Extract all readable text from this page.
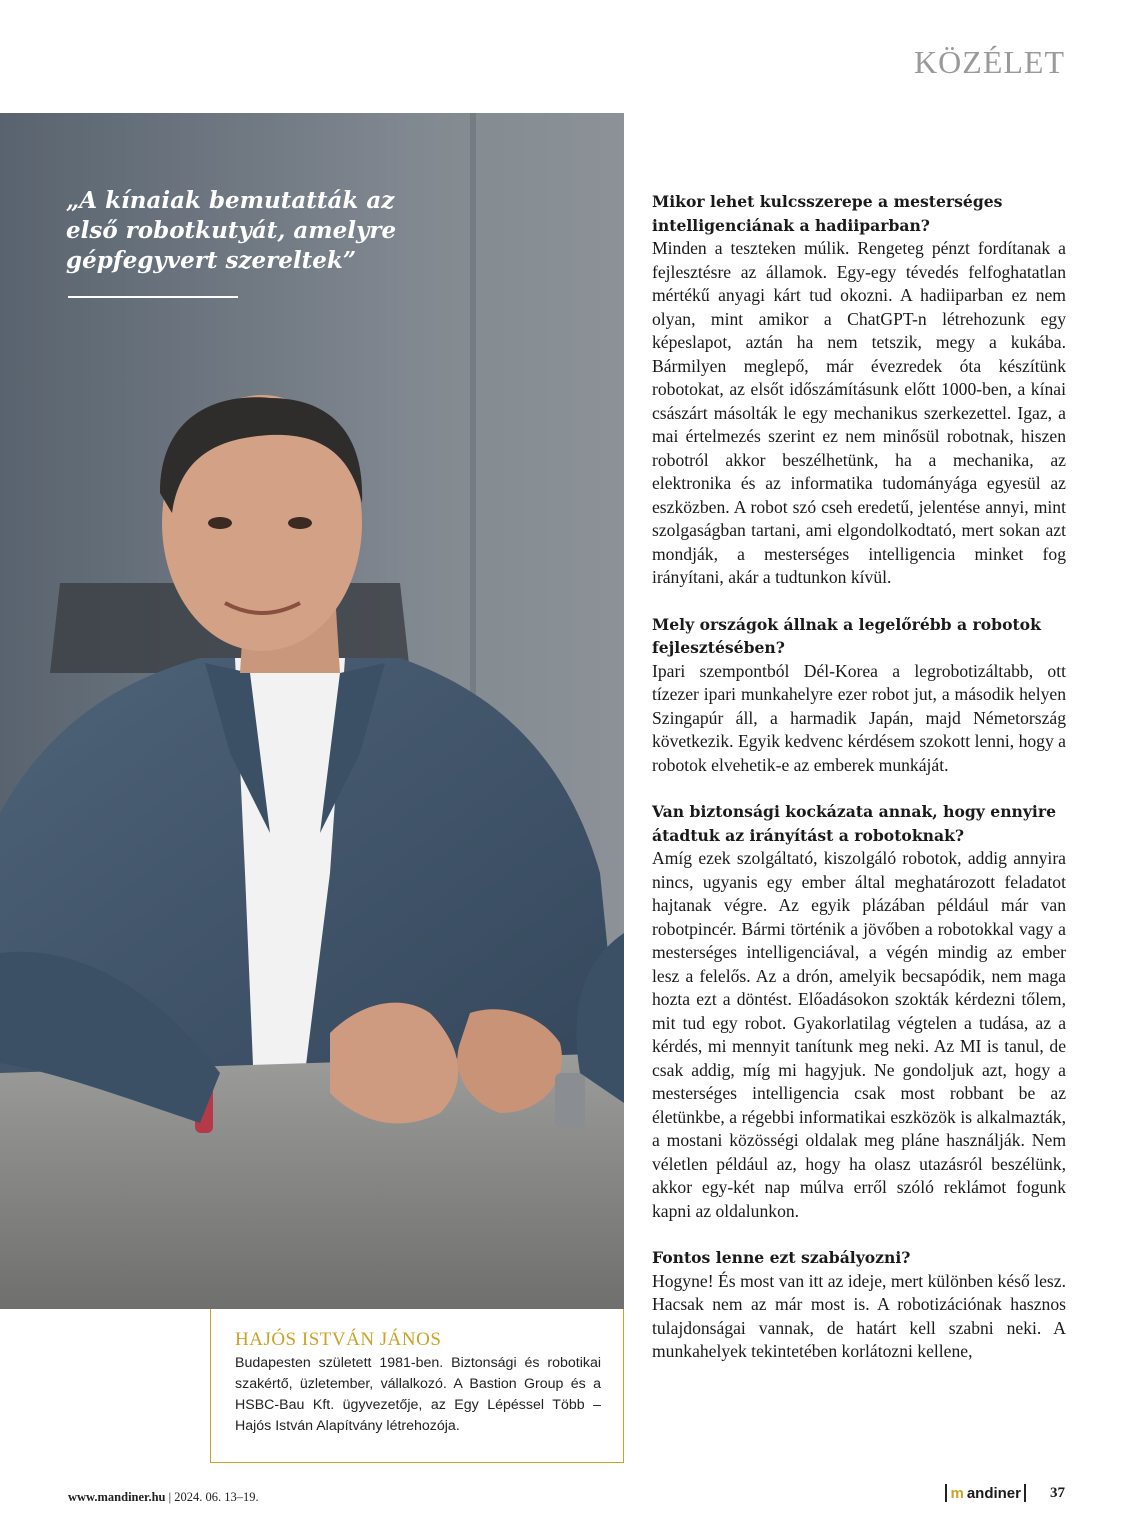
KÖZÉLET
„A kínaiak bemutatták az első robotkutyát, amelyre gépfegyvert szereltek”
HAJÓS ISTVÁN JÁNOS
Budapesten született 1981-ben. Biztonsági és robotikai szakértő, üzletember, vállalkozó. A Bastion Group és a HSBC-Bau Kft. ügyvezetője, az Egy Lépéssel Több – Hajós István Alapítvány létrehozója.
Mikor lehet kulcsszerepe a mesterséges intelligenciának a hadiiparban?
Minden a teszteken múlik. Rengeteg pénzt fordítanak a fejlesztésre az államok. Egy-egy tévedés felfoghatatlan mértékű anyagi kárt tud okozni. A hadiiparban ez nem olyan, mint amikor a ChatGPT-n létrehozunk egy képeslapot, aztán ha nem tetszik, megy a kukába. Bármilyen meglepő, már évezredek óta készítünk robotokat, az elsőt időszámításunk előtt 1000-ben, a kínai császárt másolták le egy mechanikus szerkezettel. Igaz, a mai értelmezés szerint ez nem minősül robotnak, hiszen robotról akkor beszélhetünk, ha a mechanika, az elektronika és az informatika tudományága egyesül az eszközben. A robot szó cseh eredetű, jelentése annyi, mint szolgaságban tartani, ami elgondolkodtató, mert sokan azt mondják, a mesterséges intelligencia minket fog irányítani, akár a tudtunkon kívül.
Mely országok állnak a legelőrébb a robotok fejlesztésében?
Ipari szempontból Dél-Korea a legrobotizáltabb, ott tízezer ipari munkahelyre ezer robot jut, a második helyen Szingapúr áll, a harmadik Japán, majd Németország következik. Egyik kedvenc kérdésem szokott lenni, hogy a robotok elvehetik-e az emberek munkáját.
Van biztonsági kockázata annak, hogy ennyire átadtuk az irányítást a robotoknak?
Amíg ezek szolgáltató, kiszolgáló robotok, addig annyira nincs, ugyanis egy ember által meghatározott feladatot hajtanak végre. Az egyik plázában például már van robotpincér. Bármi történik a jövőben a robotokkal vagy a mesterséges intelligenciával, a végén mindig az ember lesz a felelős. Az a drón, amelyik becsapódik, nem maga hozta ezt a döntést. Előadásokon szokták kérdezni tőlem, mit tud egy robot. Gyakorlatilag végtelen a tudása, az a kérdés, mi mennyit tanítunk meg neki. Az MI is tanul, de csak addig, míg mi hagyjuk. Ne gondoljuk azt, hogy a mesterséges intelligencia csak most robbant be az életünkbe, a régebbi informatikai eszközök is alkalmazták, a mostani közösségi oldalak meg pláne használják. Nem véletlen például az, hogy ha olasz utazásról beszélünk, akkor egy-két nap múlva erről szóló reklámot fogunk kapni az oldalunkon.
Fontos lenne ezt szabályozni?
Hogyne! És most van itt az ideje, mert különben késő lesz. Hacsak nem az már most is. A robotizációnak hasznos tulajdonságai vannak, de határt kell szabni neki. A munkahelyek tekintetében korlátozni kellene,
www.mandiner.hu | 2024. 06. 13–19.	m andiner 37
